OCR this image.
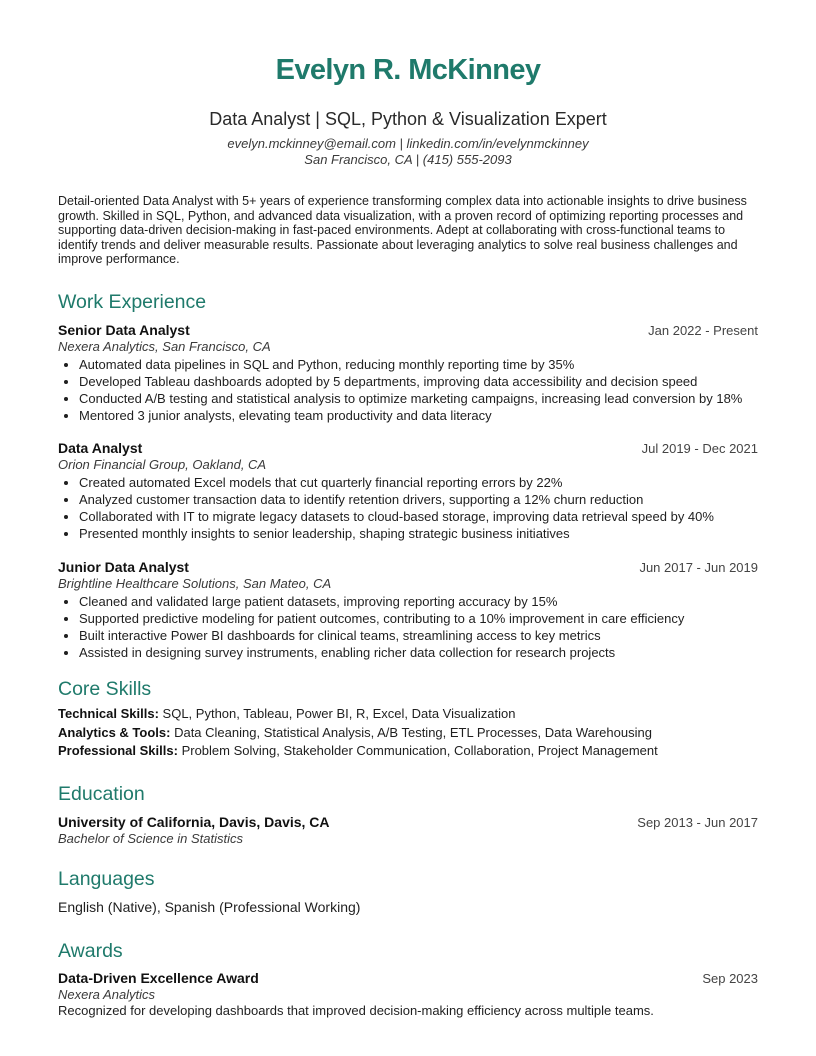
Evelyn R. McKinney
Data Analyst | SQL, Python & Visualization Expert
evelyn.mckinney@email.com | linkedin.com/in/evelynmckinney
San Francisco, CA | (415) 555-2093
Detail-oriented Data Analyst with 5+ years of experience transforming complex data into actionable insights to drive business growth. Skilled in SQL, Python, and advanced data visualization, with a proven record of optimizing reporting processes and supporting data-driven decision-making in fast-paced environments. Adept at collaborating with cross-functional teams to identify trends and deliver measurable results. Passionate about leveraging analytics to solve real business challenges and improve performance.
Work Experience
Senior Data Analyst	Jan 2022 - Present
Nexera Analytics, San Francisco, CA
• Automated data pipelines in SQL and Python, reducing monthly reporting time by 35%
• Developed Tableau dashboards adopted by 5 departments, improving data accessibility and decision speed
• Conducted A/B testing and statistical analysis to optimize marketing campaigns, increasing lead conversion by 18%
• Mentored 3 junior analysts, elevating team productivity and data literacy
Data Analyst	Jul 2019 - Dec 2021
Orion Financial Group, Oakland, CA
• Created automated Excel models that cut quarterly financial reporting errors by 22%
• Analyzed customer transaction data to identify retention drivers, supporting a 12% churn reduction
• Collaborated with IT to migrate legacy datasets to cloud-based storage, improving data retrieval speed by 40%
• Presented monthly insights to senior leadership, shaping strategic business initiatives
Junior Data Analyst	Jun 2017 - Jun 2019
Brightline Healthcare Solutions, San Mateo, CA
• Cleaned and validated large patient datasets, improving reporting accuracy by 15%
• Supported predictive modeling for patient outcomes, contributing to a 10% improvement in care efficiency
• Built interactive Power BI dashboards for clinical teams, streamlining access to key metrics
• Assisted in designing survey instruments, enabling richer data collection for research projects
Core Skills
Technical Skills: SQL, Python, Tableau, Power BI, R, Excel, Data Visualization
Analytics & Tools: Data Cleaning, Statistical Analysis, A/B Testing, ETL Processes, Data Warehousing
Professional Skills: Problem Solving, Stakeholder Communication, Collaboration, Project Management
Education
University of California, Davis, Davis, CA	Sep 2013 - Jun 2017
Bachelor of Science in Statistics
Languages
English (Native), Spanish (Professional Working)
Awards
Data-Driven Excellence Award	Sep 2023
Nexera Analytics
Recognized for developing dashboards that improved decision-making efficiency across multiple teams.
